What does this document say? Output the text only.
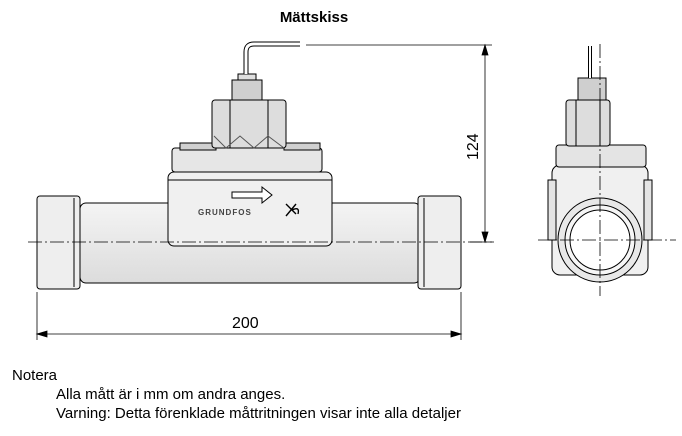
Mättskiss
GRUNDFOS
200
124
Notera
Alla mått är i mm om andra anges.
Varning: Detta förenklade måttritningen visar inte alla detaljer
